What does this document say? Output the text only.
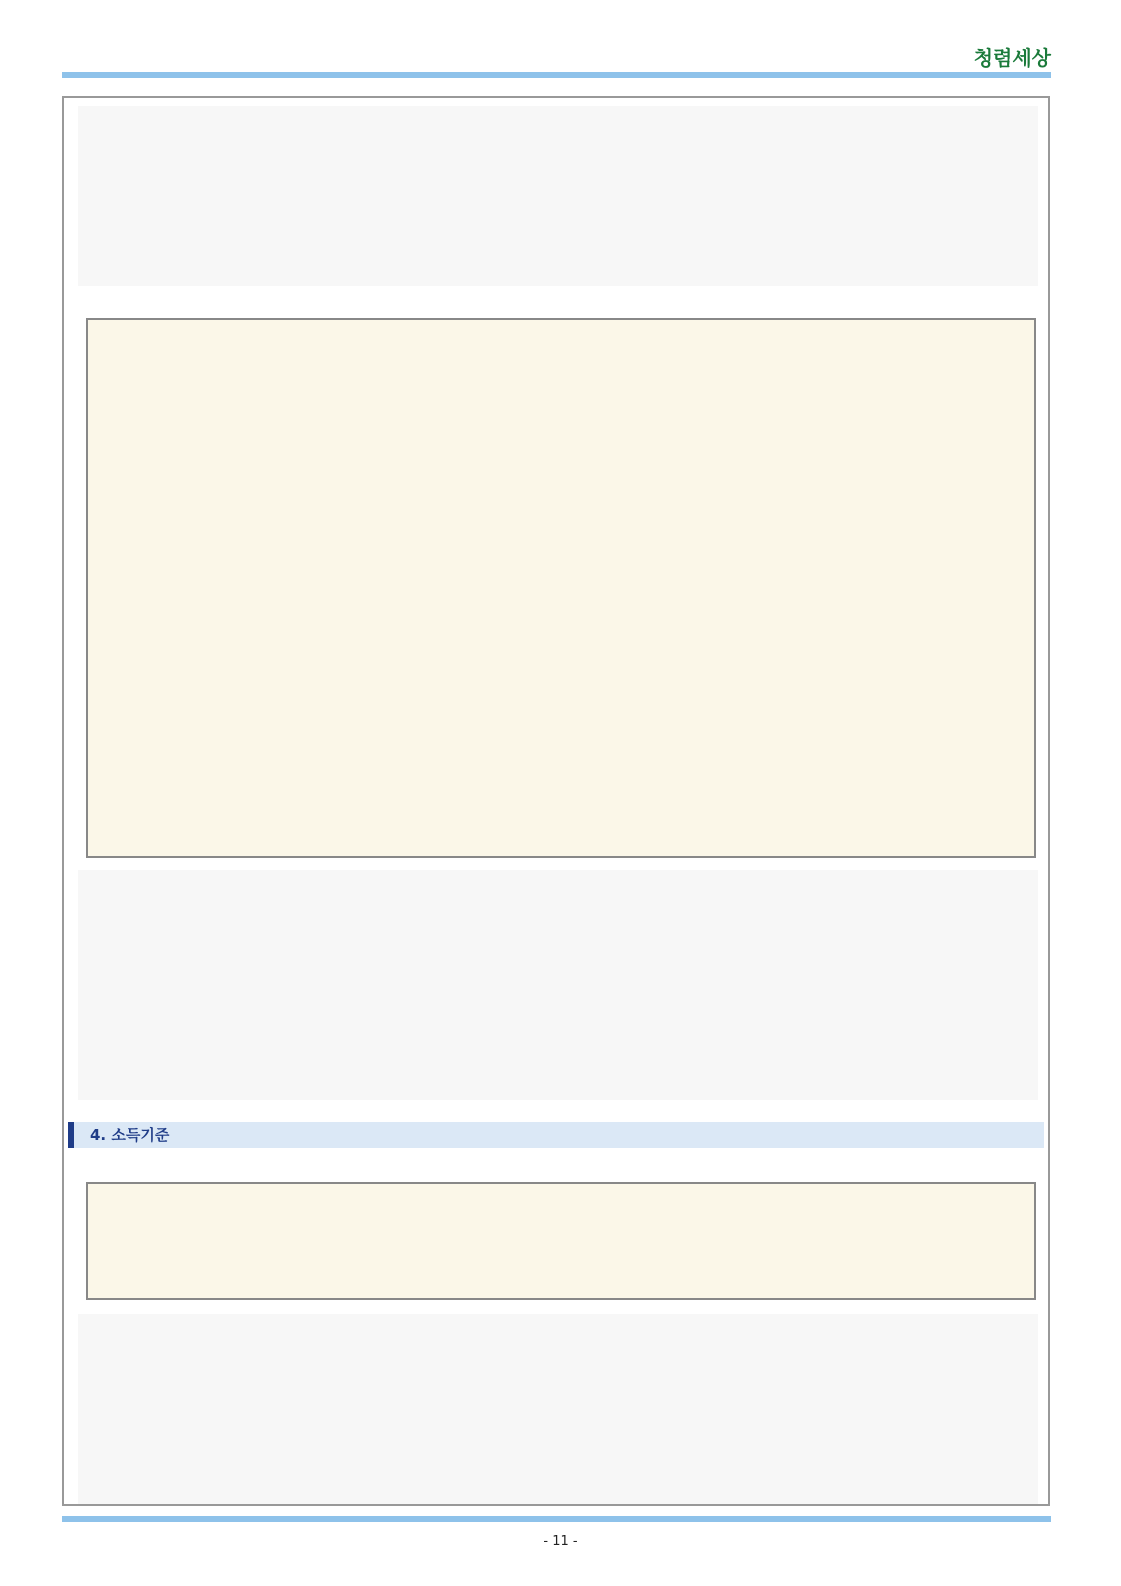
청렴세상
4. 소득기준
- 11 -
